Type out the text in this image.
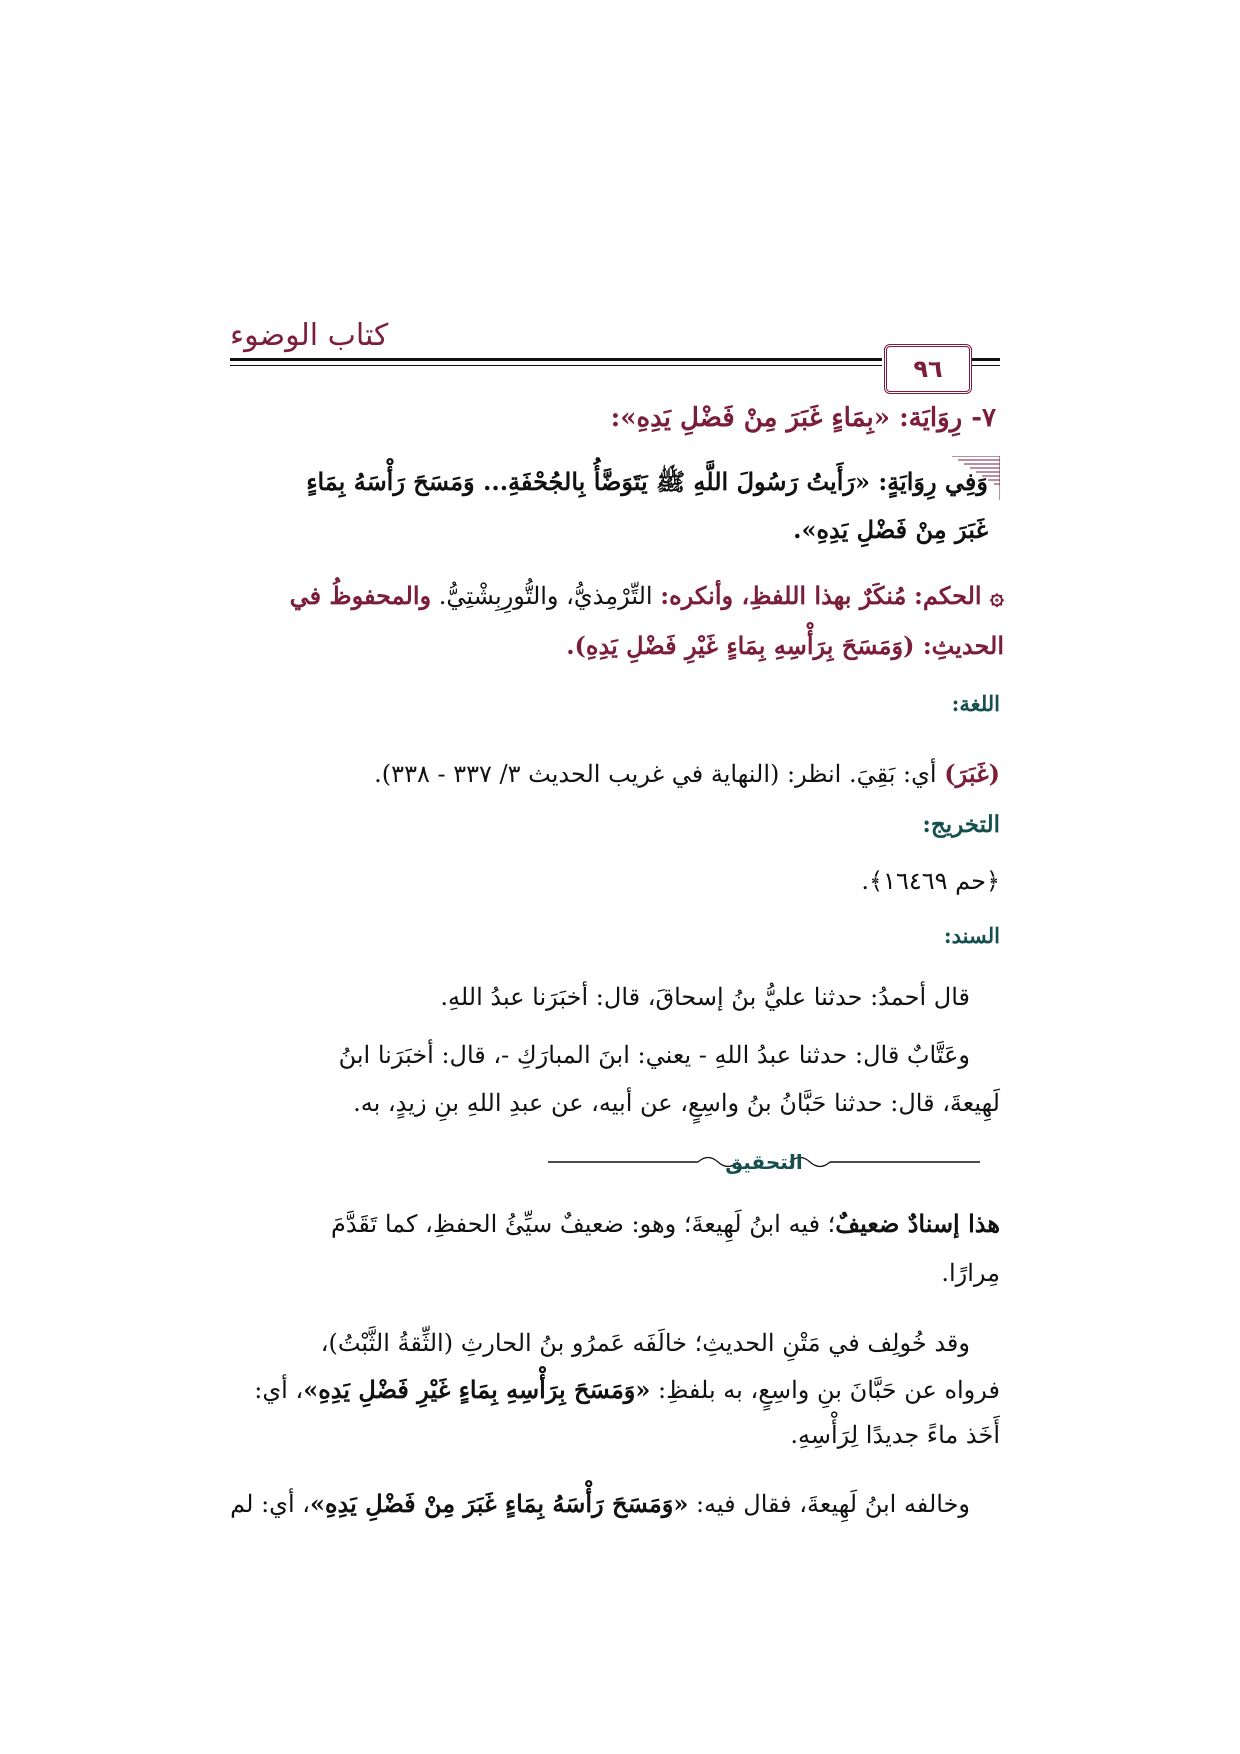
كتاب الوضوء
٩٦
٧- رِوَايَة: «بِمَاءٍ غَبَرَ مِنْ فَضْلِ يَدِهِ»:
وَفِي رِوَايَةٍ: «رَأَيتُ رَسُولَ اللَّهِ ﷺ يَتَوَضَّأُ بِالجُحْفَةِ... وَمَسَحَ رَأْسَهُ بِمَاءٍ
غَبَرَ مِنْ فَضْلِ يَدِهِ».
۞ الحكم: مُنكَرٌ بهذا اللفظِ، وأنكره: التِّرْمِذيُّ، والتُّورِبِشْتِيُّ. والمحفوظُ في
الحديثِ: (وَمَسَحَ بِرَأْسِهِ بِمَاءٍ غَيْرِ فَضْلِ يَدِهِ).
اللغة:
(غَبَرَ) أي: بَقِيَ. انظر: (النهاية في غريب الحديث ٣/ ٣٣٧ - ٣٣٨).
التخريج:
﴿حم ١٦٤٦٩﴾.
السند:
قال أحمدُ: حدثنا عليُّ بنُ إسحاقَ، قال: أخبَرَنا عبدُ اللهِ.
وعَتَّابٌ قال: حدثنا عبدُ اللهِ - يعني: ابنَ المبارَكِ -، قال: أخبَرَنا ابنُ
لَهِيعةَ، قال: حدثنا حَبَّانُ بنُ واسِعٍ، عن أبيه، عن عبدِ اللهِ بنِ زيدٍ، به.
التحقيق
هذا إسنادٌ ضعيفٌ؛ فيه ابنُ لَهِيعةَ؛ وهو: ضعيفٌ سيِّئُ الحفظِ، كما تَقَدَّمَ
مِرارًا.
وقد خُولِف في مَتْنِ الحديثِ؛ خالَفَه عَمرُو بنُ الحارثِ (الثِّقةُ الثَّبْتُ)،
فرواه عن حَبَّانَ بنِ واسِعٍ، به بلفظِ: «وَمَسَحَ بِرَأْسِهِ بِمَاءٍ غَيْرِ فَضْلِ يَدِهِ»، أي:
أَخَذ ماءً جديدًا لِرَأْسِهِ.
وخالفه ابنُ لَهِيعةَ، فقال فيه: «وَمَسَحَ رَأْسَهُ بِمَاءٍ غَبَرَ مِنْ فَضْلِ يَدِهِ»، أي: لم
